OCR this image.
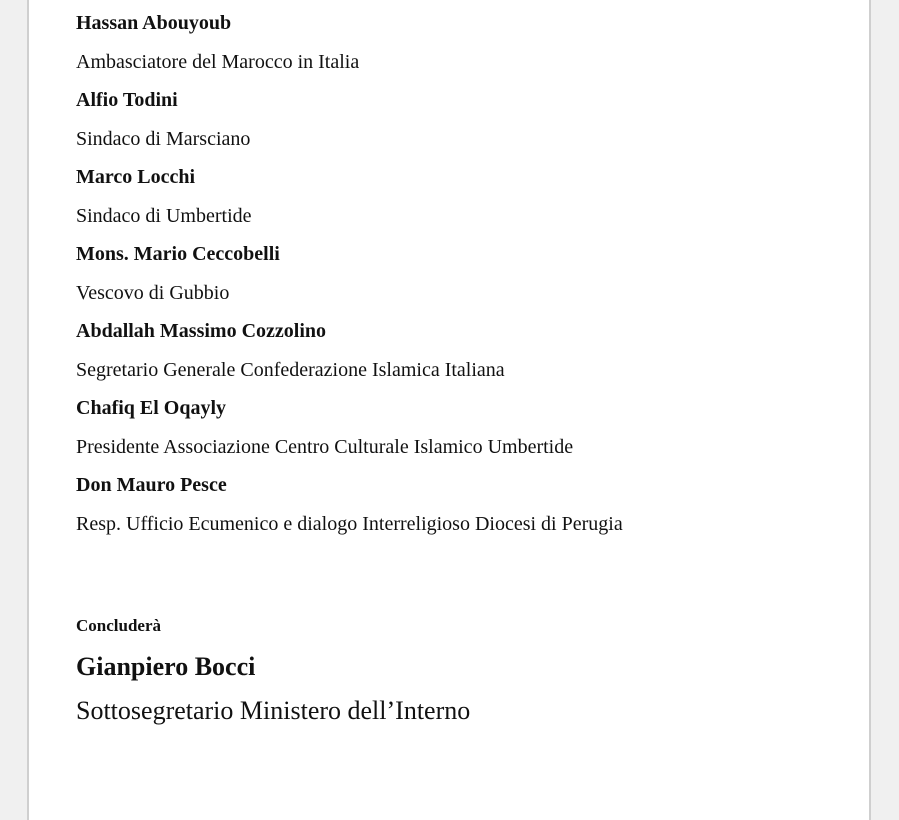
Hassan Abouyoub
Ambasciatore del Marocco in Italia
Alfio Todini
Sindaco di Marsciano
Marco Locchi
Sindaco di Umbertide
Mons. Mario Ceccobelli
Vescovo di Gubbio
Abdallah Massimo Cozzolino
Segretario Generale Confederazione Islamica Italiana
Chafiq El Oqayly
Presidente Associazione Centro Culturale Islamico Umbertide
Don Mauro Pesce
Resp. Ufficio Ecumenico e dialogo Interreligioso Diocesi di Perugia
Concluderà
Gianpiero Bocci
Sottosegretario Ministero dell’Interno
